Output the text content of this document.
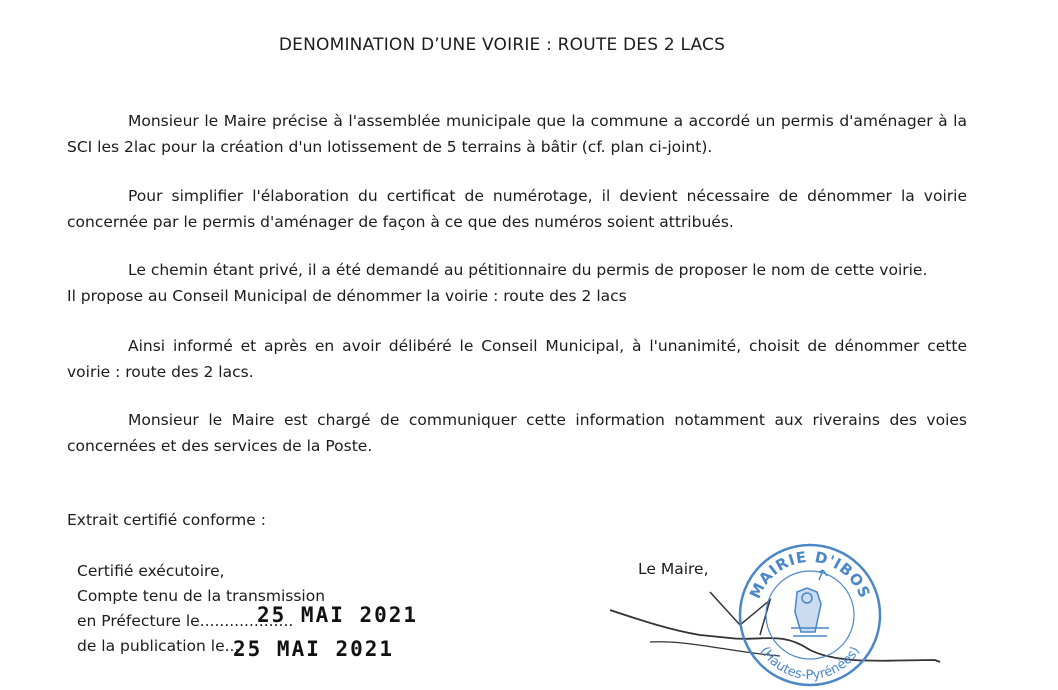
DENOMINATION D’UNE VOIRIE : ROUTE DES 2 LACS
Monsieur le Maire précise à l'assemblée municipale que la commune a accordé un permis d'aménager à la SCI les 2lac pour la création d'un lotissement de 5 terrains à bâtir (cf. plan ci-joint).
Pour simplifier l'élaboration du certificat de numérotage, il devient nécessaire de dénommer la voirie concernée par le permis d'aménager de façon à ce que des numéros soient attribués.
Le chemin étant privé, il a été demandé au pétitionnaire du permis de proposer le nom de cette voirie.
Il propose au Conseil Municipal de dénommer la voirie : route des 2 lacs
Ainsi informé et après en avoir délibéré le Conseil Municipal, à l'unanimité, choisit de dénommer cette voirie : route des 2 lacs.
Monsieur le Maire est chargé de communiquer cette information notamment aux riverains des voies concernées et des services de la Poste.
Extrait certifié conforme :
Certifié exécutoire,
Compte tenu de la transmission
en Préfecture le...................
de la publication le...
25 MAI 2021
25 MAI 2021
Le Maire,
MAIRIE D'IBOS
(Hautes-Pyrénées)
